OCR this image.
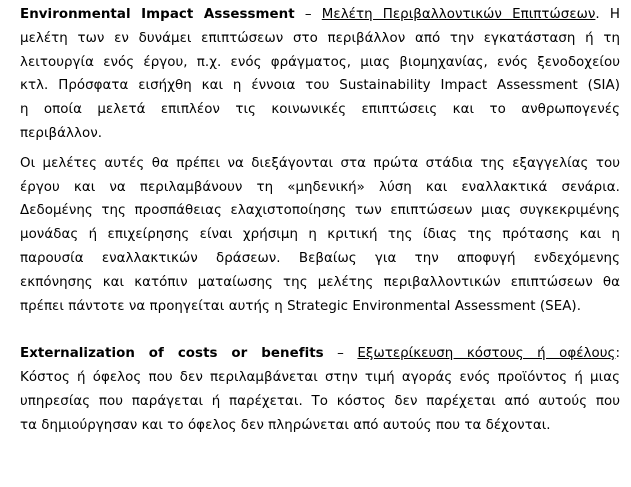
Environmental Impact Assessment – Μελέτη Περιβαλλοντικών Επιπτώσεων. Η
μελέτη των εν δυνάμει επιπτώσεων στο περιβάλλον από την εγκατάσταση ή τη
λειτουργία ενός έργου, π.χ. ενός φράγματος, μιας βιομηχανίας, ενός ξενοδοχείου
κτλ. Πρόσφατα εισήχθη και η έννοια του Sustainability Impact Assessment (SIA)
η οποία μελετά επιπλέον τις κοινωνικές επιπτώσεις και το ανθρωπογενές
περιβάλλον.
Οι μελέτες αυτές θα πρέπει να διεξάγονται στα πρώτα στάδια της εξαγγελίας του
έργου και να περιλαμβάνουν τη «μηδενική» λύση και εναλλακτικά σενάρια.
Δεδομένης της προσπάθειας ελαχιστοποίησης των επιπτώσεων μιας συγκεκριμένης
μονάδας ή επιχείρησης είναι χρήσιμη η κριτική της ίδιας της πρότασης και η
παρουσία εναλλακτικών δράσεων. Βεβαίως για την αποφυγή ενδεχόμενης
εκπόνησης και κατόπιν ματαίωσης της μελέτης περιβαλλοντικών επιπτώσεων θα
πρέπει πάντοτε να προηγείται αυτής η Strategic Environmental Assessment (SEA).
Externalization of costs or benefits – Εξωτερίκευση κόστους ή οφέλους:
Κόστος ή όφελος που δεν περιλαμβάνεται στην τιμή αγοράς ενός προϊόντος ή μιας
υπηρεσίας που παράγεται ή παρέχεται. Το κόστος δεν παρέχεται από αυτούς που
τα δημιούργησαν και το όφελος δεν πληρώνεται από αυτούς που τα δέχονται.
